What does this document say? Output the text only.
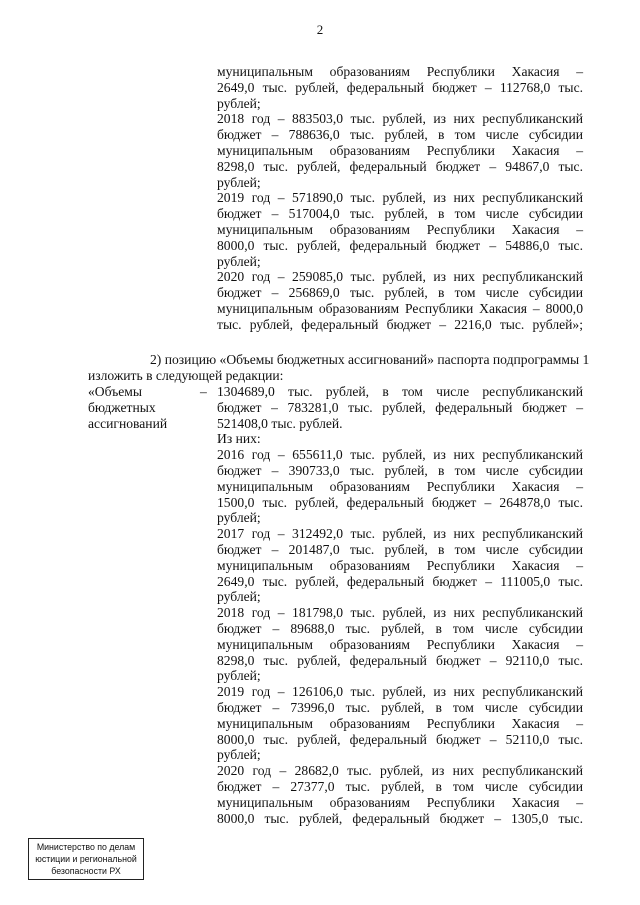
2
муниципальным образованиям Республики Хакасия –
2649,0 тыс. рублей, федеральный бюджет – 112768,0 тыс.
рублей;
2018 год – 883503,0 тыс. рублей, из них республиканский
бюджет – 788636,0 тыс. рублей, в том числе субсидии
муниципальным образованиям Республики Хакасия –
8298,0 тыс. рублей, федеральный бюджет – 94867,0 тыс.
рублей;
2019 год – 571890,0 тыс. рублей, из них республиканский
бюджет – 517004,0 тыс. рублей, в том числе субсидии
муниципальным образованиям Республики Хакасия –
8000,0 тыс. рублей, федеральный бюджет – 54886,0 тыс.
рублей;
2020 год – 259085,0 тыс. рублей, из них республиканский
бюджет – 256869,0 тыс. рублей, в том числе субсидии
муниципальным образованиям Республики Хакасия – 8000,0
тыс. рублей, федеральный бюджет – 2216,0 тыс. рублей»;
2) позицию «Объемы бюджетных ассигнований» паспорта подпрограммы 1
изложить в следующей редакции:
«Объемы
бюджетных
ассигнований
– 1304689,0 тыс. рублей, в том числе республиканский
бюджет – 783281,0 тыс. рублей, федеральный бюджет –
521408,0 тыс. рублей.
Из них:
2016 год – 655611,0 тыс. рублей, из них республиканский
бюджет – 390733,0 тыс. рублей, в том числе субсидии
муниципальным образованиям Республики Хакасия –
1500,0 тыс. рублей, федеральный бюджет – 264878,0 тыс.
рублей;
2017 год – 312492,0 тыс. рублей, из них республиканский
бюджет – 201487,0 тыс. рублей, в том числе субсидии
муниципальным образованиям Республики Хакасия –
2649,0 тыс. рублей, федеральный бюджет – 111005,0 тыс.
рублей;
2018 год – 181798,0 тыс. рублей, из них республиканский
бюджет – 89688,0 тыс. рублей, в том числе субсидии
муниципальным образованиям Республики Хакасия –
8298,0 тыс. рублей, федеральный бюджет – 92110,0 тыс.
рублей;
2019 год – 126106,0 тыс. рублей, из них республиканский
бюджет – 73996,0 тыс. рублей, в том числе субсидии
муниципальным образованиям Республики Хакасия –
8000,0 тыс. рублей, федеральный бюджет – 52110,0 тыс.
рублей;
2020 год – 28682,0 тыс. рублей, из них республиканский
бюджет – 27377,0 тыс. рублей, в том числе субсидии
муниципальным образованиям Республики Хакасия –
8000,0 тыс. рублей, федеральный бюджет – 1305,0 тыс.
Министерство по делам
юстиции и региональной
безопасности РХ
